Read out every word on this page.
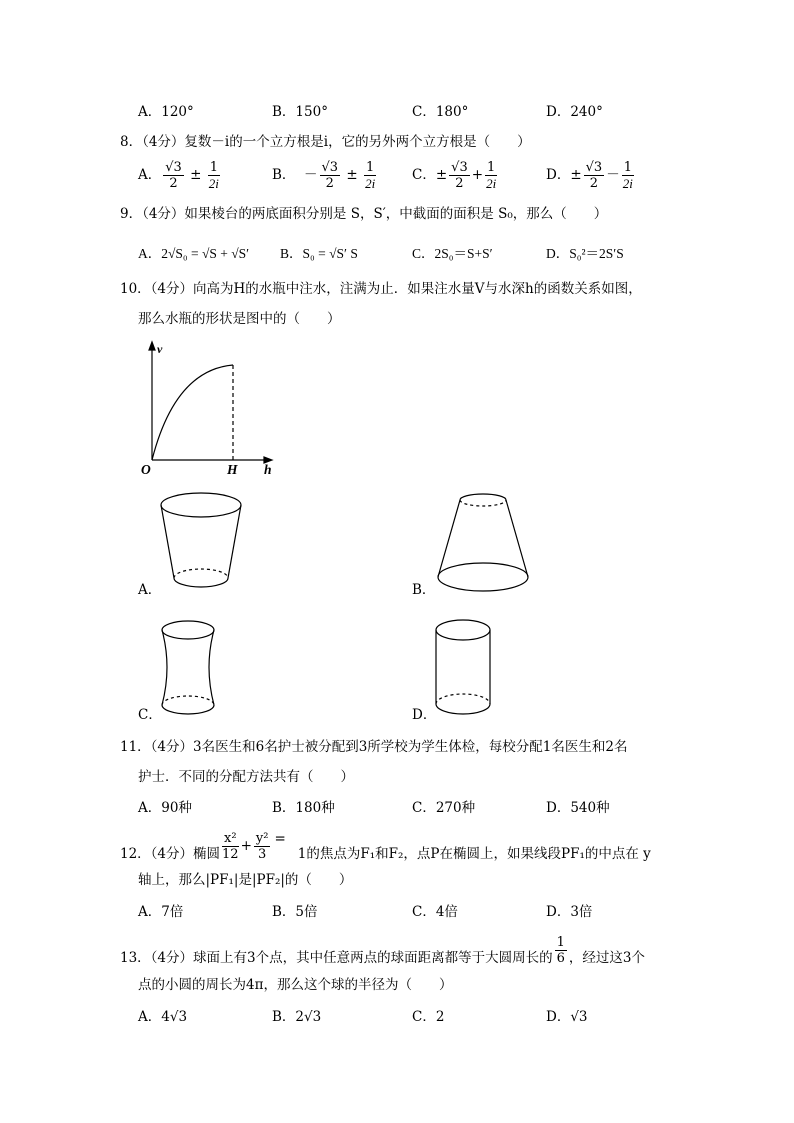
A．120°	B．150°	C．180°	D．240°
8．（4分）复数－i的一个立方根是i，它的另外两个立方根是（　　）
A． $\frac{√3}{2} \pm \frac{1}{2i}$	B． － $\frac{√3}{2} \pm \frac{1}{2i}$	C．± $\frac{√3}{2} + \frac{1}{2i}$	D．± $\frac{√3}{2} - \frac{1}{2i}$
9．（4分）如果棱台的两底面积分别是 S，S′，中截面的面积是 S₀，那么（　　）
A．2√S₀ = √S + √S′ B．S₀ = √S′ S	C．2S₀＝S+S′	D．S₀²＝2S′S
10．（4分）向高为H的水瓶中注水，注满为止．如果注水量V与水深h的函数关系如图，
那么水瓶的形状是图中的（　　）
v
O	H h
A．	B．
C．	D．
11．（4分）3名医生和6名护士被分配到3所学校为学生体检，每校分配1名医生和2名
护士．不同的分配方法共有（　　）
A．90种	B．180种	C．270种	D．540种
12．（4分）椭圆 $\frac{\text{x²}}{12} + \frac{\text{y²}}{3}$ =
1的焦点为F₁和F₂，点P在椭圆上，如果线段PF₁的中点在 y
轴上，那么|PF₁|是|PF₂|的（　　）
A．7倍	B．5倍	C．4倍	D．3倍
13．（4分）球面上有3个点，其中任意两点的球面距离都等于大圆周长的 $\frac{1}{6}$ ，经过这3个
点的小圆的周长为4π，那么这个球的半径为（　　）
A．4√3	B．2√3	C．2	D．√3
